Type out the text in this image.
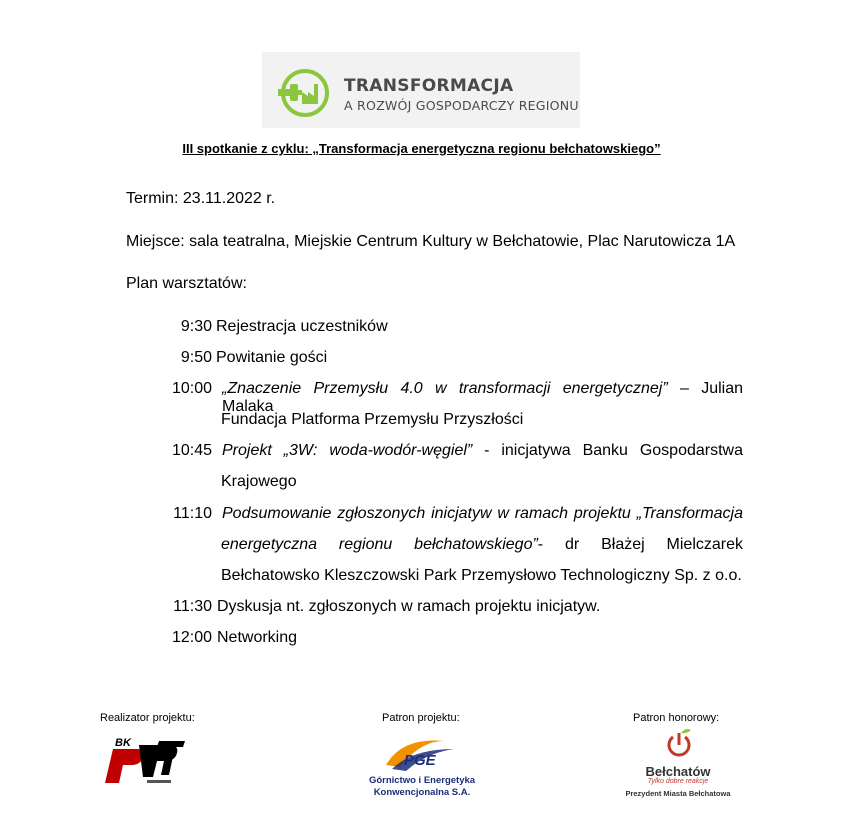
TRANSFORMACJA
A ROZWÓJ GOSPODARCZY REGIONU
III spotkanie z cyklu: „Transformacja energetyczna regionu bełchatowskiego”
Termin: 23.11.2022 r.
Miejsce: sala teatralna, Miejskie Centrum Kultury w Bełchatowie, Plac Narutowicza 1A
Plan warsztatów:
9:30 Rejestracja uczestników
9:50 Powitanie gości
10:00 „Znaczenie Przemysłu 4.0 w transformacji energetycznej” – Julian Malaka
Fundacja Platforma Przemysłu Przyszłości
10:45 Projekt „3W: woda-wodór-węgiel” - inicjatywa Banku Gospodarstwa
Krajowego
11:10 Podsumowanie zgłoszonych inicjatyw w ramach projektu „Transformacja
energetyczna regionu bełchatowskiego”- dr Błażej Mielczarek
Bełchatowsko Kleszczowski Park Przemysłowo Technologiczny Sp. z o.o.
11:30 Dyskusja nt. zgłoszonych w ramach projektu inicjatyw.
12:00 Networking
Realizator projektu:	Patron projektu:	Patron honorowy:
BK
PGE
Górnictwo i Energetyka
Konwencjonalna S.A.
Bełchatów
Tylko dobre reakcje
Prezydent Miasta Bełchatowa
